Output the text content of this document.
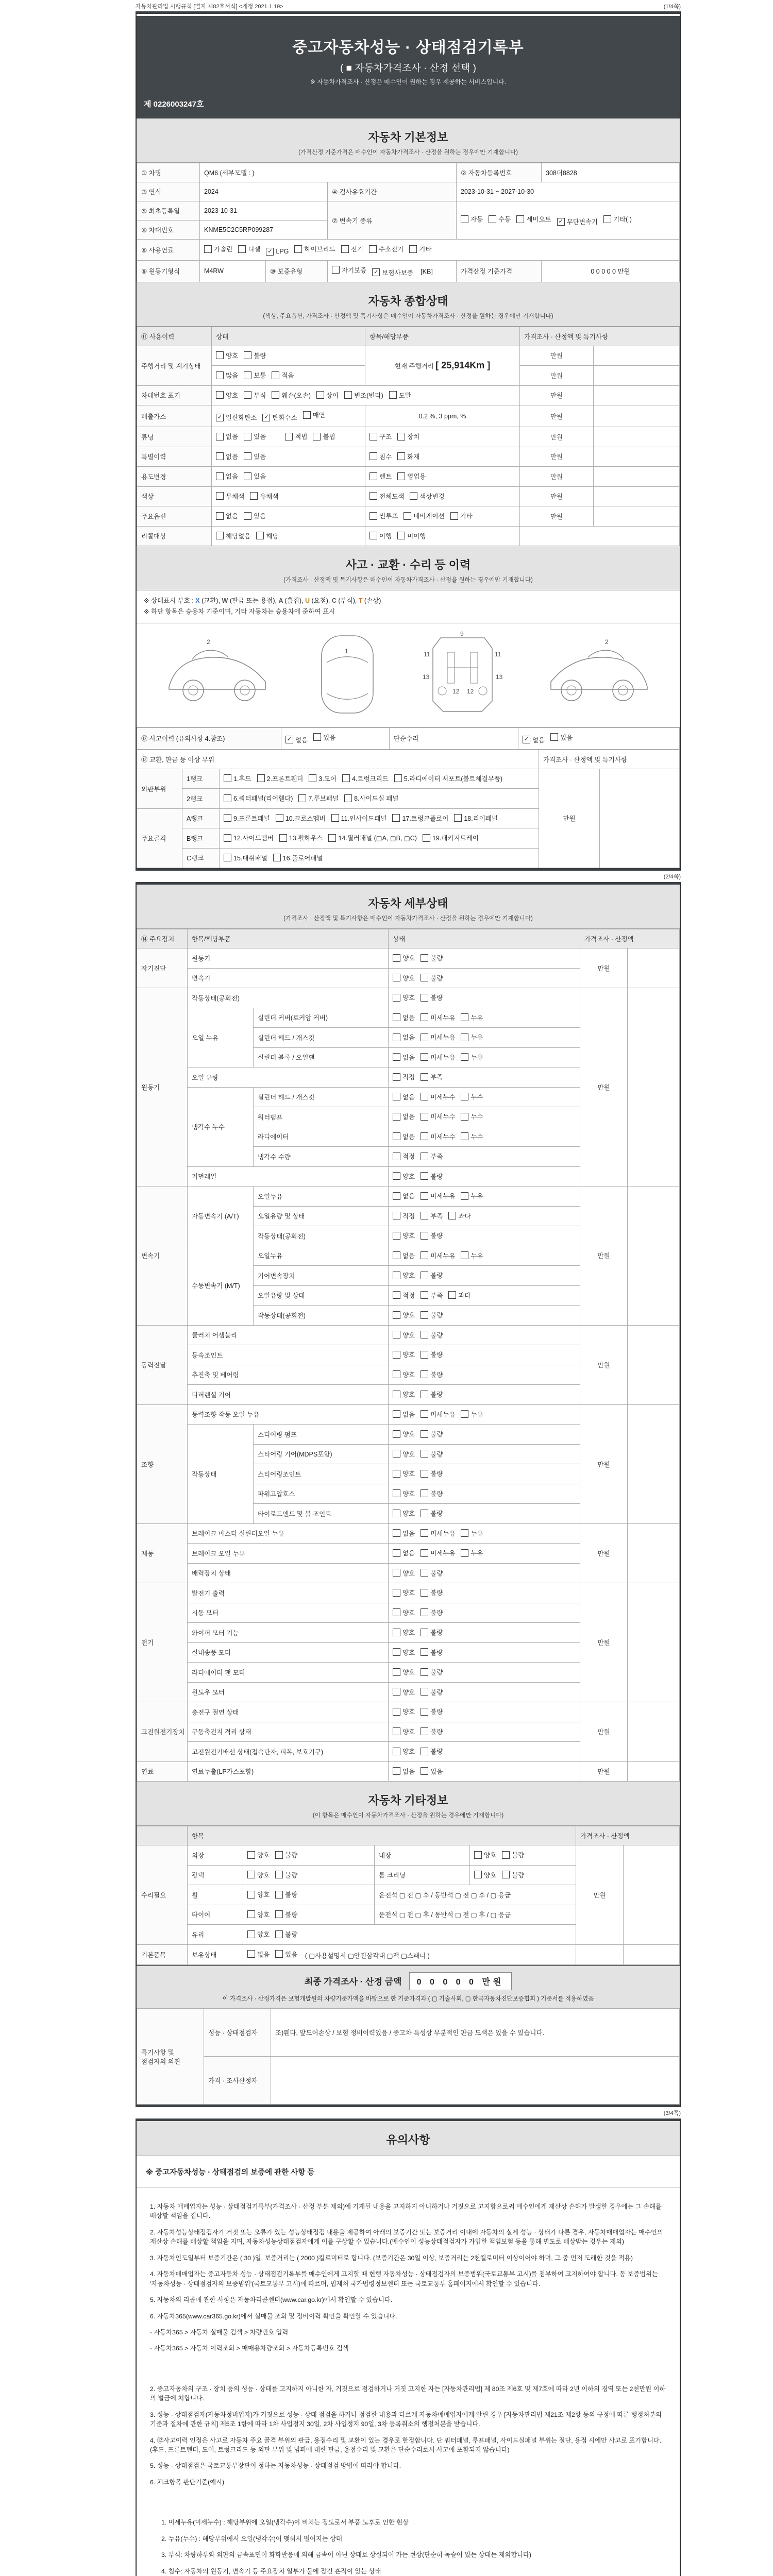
자동차관리법 시행규칙 [별지 제82호서식] <개정 2021.1.19>	(1/4쪽)
중고자동차성능 · 상태점검기록부
( ■ 자동차가격조사 · 산정 선택 )
※ 자동차가격조사 · 산정은 매수인이 원하는 경우 제공하는 서비스입니다.
제 0226003247호
자동차 기본정보
(가격산정 기준가격은 매수인이 자동차가격조사 · 산정을 원하는 경우에만 기재합니다)
① 차명	QM6 (세부모델 : )			② 자동차등록번호	308더8828
③ 연식	2024		④ 검사유효기간	2023-10-31 ~ 2027-10-30	
⑤ 최초등록일	2023-10-31	⑦ 변속기 종류	자동 수동 세미오토 ✓ 무단변속기 기타( )

⑥ 차대번호	KNME5C2C5RP099287				
⑧ 사용연료	가솔린 디젤 ✓ LPG 하이브리드 전기 수소전기 기타

⑨ 원동기형식	M4RW	⑩ 보증유형	자기보증 ✓ 보험사보증 [KB]	가격산정 기준가격	0 0 0 0 0 만원
자동차 종합상태
(색상, 주요옵션, 가격조사 · 산정액 및 특기사항은 매수인이 자동차가격조사 · 산정을 원하는 경우에만 기재합니다)
⑪ 사용이력	상태	항목/해당부품	가격조사 · 산정액 및 특기사항	
주행거리 및 계기상태	양호 불량	현재 주행거리 [ 25,914Km ]	만원	

	많음 보통 적음		만원	
차대번호 표기	양호 부식 훼손(오손) 상이 변조(변타) 도말	만원	
배출가스	✓ 일산화탄소 ✓ 탄화수소 매연	0.2 %, 3 ppm, %	만원	
튜닝	없음 있음 적법 불법	구조 장치	만원	
특별이력	없음 있음	침수 화재	만원	
용도변경	없음 있음	렌트 영업용	만원	
색상	무채색 유채색	전체도색 색상변경	만원	
주요옵션	없음 있음	썬루프 네비게이션 기타	만원	
리콜대상	해당없음 해당	이행 미이행		

사고 · 교환 · 수리 등 이력
(가격조사 · 산정액 및 특기사항은 매수인이 자동차가격조사 · 산정을 원하는 경우에만 기재합니다)
※ 상태표시 부호 : X (교환), W (판금 또는 용접), A (흠집), U (요철), C (부식), T (손상)
※ 하단 항목은 승용차 기준이며, 기타 자동차는 승용차에 준하여 표시
2
1	11	11
13	13
12 12
9
2
⑫ 사고이력 (유의사항 4.참조)	✓ 없음 있음	단순수리	✓ 없음 있음
⑬ 교환, 판금 등 이상 부위			가격조사 · 산정액 및 특기사항	
외판부위	1랭크	1.후드 2.프론트휀더 3.도어 4.트렁크리드 5.라디에이터 서포트(볼트체결부품)	만원	
	2랭크	6.쿼터패널(리어휀다) 7.루브패널 8.사이드실 패널		

주요골격	A랭크	9.프론트패널 10.크로스멤버 11.인사이드패널 17.트렁크플로어 18.리어패널		

	B랭크	12.사이드멤버 13.휠하우스 14.필러패널 (▢A, ▢B, ▢C) 19.패키지트레이		

	C랭크	15.대쉬패널 16.플로어패널		
(2/4쪽)
자동차 세부상태
(가격조사 · 산정액 및 특기사항은 매수인이 자동차가격조사 · 산정을 원하는 경우에만 기재합니다)
⑭ 주요장치	항목/해당부품		상태	가격조사 · 산정액	
자기진단	원동기		양호 불량	만원	
	변속기		양호 불량		

원동기	작동상태(공회전)		양호 불량	만원	
	오일 누유	실린더 커버(로커암 커버)	없음 미세누유 누유		

		실린더 헤드 / 개스킷	없음 미세누유 누유		

		실린더 블록 / 오일팬	없음 미세누유 누유		

	오일 유량		적정 부족		

	냉각수 누수	실린더 헤드 / 개스킷	없음 미세누수 누수		

		워터펌프	없음 미세누수 누수		

		라디에이터	없음 미세누수 누수		

		냉각수 수량	적정 부족		

	커먼레일		양호 불량		

변속기	자동변속기 (A/T)	오일누유	없음 미세누유 누유	만원	
		오일유량 및 상태	적정 부족 과다		

		작동상태(공회전)	양호 불량		

	수동변속기 (M/T)	오일누유	없음 미세누유 누유		

		기어변속장치	양호 불량		

		오일유량 및 상태	적정 부족 과다		

		작동상태(공회전)	양호 불량		

동력전달	클러치 어셈블리		양호 불량	만원	
	등속조인트		양호 불량		

	추진축 및 베어링		양호 불량		

	디퍼렌셜 기어		양호 불량		

조향	동력조향 작동 오일 누유		없음 미세누유 누유	만원	
	작동상태	스티어링 펌프	양호 불량		

		스티어링 기어(MDPS포함)	양호 불량		

		스티어링조인트	양호 불량		

		파워고압호스	양호 불량		

		타이로드엔드 및 볼 조인트	양호 불량		

제동	브레이크 마스터 실린더오일 누유		없음 미세누유 누유	만원	
	브레이크 오일 누유		없음 미세누유 누유		

	배력장치 상태		양호 불량		

전기	발전기 출력		양호 불량	만원	
	시동 모터		양호 불량		

	와이퍼 모터 기능		양호 불량		

	실내송풍 모터		양호 불량		

	라디에이터 팬 모터		양호 불량		

	윈도우 모터		양호 불량		

고전원전기장치	충전구 절연 상태		양호 불량	만원	
	구동축전지 격리 상태		양호 불량		

	고전원전기배선 상태(접속단자, 피복, 보호기구)		양호 불량		

연료	연료누출(LP가스포함)		없음 있음	만원	
자동차 기타정보
(이 항목은 매수인이 자동차가격조사 · 산정을 원하는 경우에만 기재합니다)
	항목				가격조사 · 산정액	
수리필요	외장	양호 불량	내장	양호 불량	만원	
	광택	양호 불량	룸 크리닝	양호 불량		

	휠	양호 불량	운전석 ▢ 전 ▢ 후 / 동반석 ▢ 전 ▢ 후 / ▢ 응급			
	타이어	양호 불량	운전석 ▢ 전 ▢ 후 / 동반석 ▢ 전 ▢ 후 / ▢ 응급			
	유리	양호 불량				

기본품목	보유상태	없음 있음 ( ▢사용설명서 ▢안전삼각대 ▢잭 ▢스패너 )				
최종 가격조사 · 산정 금액 0 0 0 0 0 만원
이 가격조사 · 산정가격은 보험개발원의 차량기준가액을 바탕으로 한 기준가격과 ( ▢ 기술사회, ▢ 한국자동차진단보증협회 ) 기준서를 적용하였음
특기사항 및 점검자의 의견	성능 · 상태점검자	조)휀다, 앞도어손상 / 보험 정비이력있음 / 중고차 특성상 부분적인 판금 도색은 있을 수 있습니다.
	가격 · 조사산정자	
(3/4쪽)
유의사항
※ 중고자동차성능 · 상태점검의 보증에 관한 사항 등
1. 자동차 매매업자는 성능 · 상태점검기록부(가격조사 · 산정 부분 제외)에 기재된 내용을 고지하지 아니하거나 거짓으로 고지함으로써 매수인에게 재산상 손해가 발생한 경우에는 그 손해를 배상할 책임을 집니다.
2. 자동차성능상태점검자가 거짓 또는 오류가 있는 성능상태점검 내용을 제공하여 아래의 보증기간 또는 보증거리 이내에 자동차의 실제 성능 · 상태가 다른 경우, 자동차매매업자는 매수인의 재산상 손해를 배상할 책임을 지며, 자동차성능상태점검자에게 이를 구상할 수 있습니다.(매수인이 성능상태점검자가 가입한 책임보험 등을 통해 별도로 배상받는 경우는 제외)
3. 자동차인도일부터 보증기간은 ( 30 )일, 보증거리는 ( 2000 )킬로미터로 합니다. (보증기간은 30일 이상, 보증거리는 2천킬로미터 이상이어야 하며, 그 중 먼저 도래한 것을 적용)
4. 자동차매매업자는 중고자동차 성능 · 상태점검기록부를 매수인에게 고지할 때 현행 자동차성능 · 상태점검자의 보증범위(국토교통부 고시)를 첨부하여 고지하여야 합니다. 동 보증범위는 '자동차성능 · 상태점검자의 보증범위'(국토교통부 고시)에 따르며, 법제처 국가법령정보센터 또는 국토교통부 홈페이지에서 확인할 수 있습니다.
5. 자동차의 리콜에 관한 사항은 자동차리콜센터(www.car.go.kr)에서 확인할 수 있습니다.
6. 자동차365(www.car365.go.kr)에서 실매물 조회 및 정비이력 확인을 확인할 수 있습니다.
- 자동차365 > 자동차 실매물 검색 > 차량번호 입력
- 자동차365 > 자동차 이력조회 > 매매용차량조회 > 자동차등록번호 검색
2. 중고자동차의 구조 · 장치 등의 성능 · 상태를 고지하지 아니한 자, 거짓으로 점검하거나 거짓 고지한 자는 [자동차관리법] 제 80조 제6호 및 제7호에 따라 2년 이하의 징역 또는 2천만원 이하의 벌금에 처합니다.
3. 성능 · 상태점검자(자동차정비업자)가 거짓으로 성능 · 상태 점검을 하거나 점검한 내용과 다르게 자동차매매업자에게 알린 경우 [자동차관리법 제21조 제2항 등의 규정에 따른 행정처분의 기준과 절차에 관한 규칙] 제5조 1항에 따라 1차 사업정지 30일, 2차 사업정지 90일, 3차 등록취소의 행정처분을 받습니다.
4. ⑫사고이력 인정은 사고로 자동차 주요 골격 부위의 판금, 용접수리 및 교환이 있는 경우로 한정합니다. 단 쿼터패널, 루프패널, 사이드실패널 부위는 절단, 용접 시에만 사고로 표기합니다. (후드, 프론트펜더, 도어, 트렁크리드 등 외판 부위 및 범퍼에 대한 판금, 용접수리 및 교환은 단순수리로서 사고에 포함되지 않습니다)
5. 성능 · 상태점검은 국토교통부장관이 정하는 자동차성능 · 상태점검 방법에 따라야 합니다.
6. 체크항목 판단기준(예시)
1. 미세누유(미세누수) : 해당부위에 오일(냉각수)이 비치는 정도로서 부품 노후로 인한 현상
2. 누유(누수) : 해당부위에서 오일(냉각수)이 맺혀서 떨어지는 상태
3. 부식: 차량하부와 외판의 금속표면이 화학반응에 의해 금속이 아닌 상태로 상실되어 가는 현상(단순히 녹슬어 있는 상태는 제외합니다)
4. 침수: 자동차의 원동기, 변속기 등 주요장치 일부가 물에 잠긴 흔적이 있는 상태
